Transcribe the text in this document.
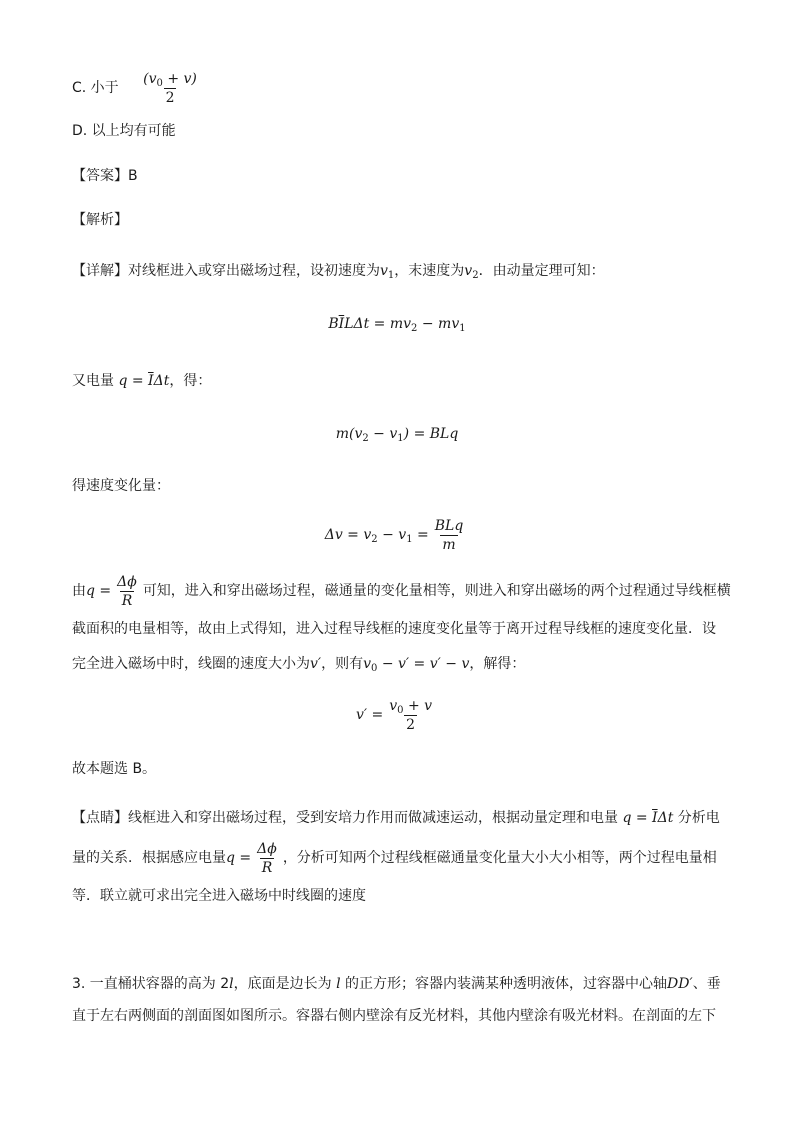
C. 小于 $\frac{(v_0 + v)}{2}$
D. 以上均有可能
【答案】B
【解析】
【详解】对线框进入或穿出磁场过程，设初速度为$v_1$，末速度为$v_2$．由动量定理可知：
$B\overline{I}L\Delta t = mv_2 - mv_1$
又电量 $q = \overline{I}\Delta t$，得：
$m(v_2 - v_1)$ = BLq
得速度变化量：
$\Delta v = v_2 - v_1 = \frac{\text{BLq}}{m}$
由$q = \frac{\Delta\phi}{R}$ 可知，进入和穿出磁场过程，磁通量的变化量相等，则进入和穿出磁场的两个过程通过导线框横
截面积的电量相等，故由上式得知，进入过程导线框的速度变化量等于离开过程导线框的速度变化量．设
完全进入磁场中时，线圈的速度大小为v′，则有$v_0 - v' = v' - v$，解得：
$v' = \frac{v_0 + v}{2}$
故本题选 B。
【点睛】线框进入和穿出磁场过程，受到安培力作用而做减速运动，根据动量定理和电量 $q = \overline{I}\Delta t$ 分析电
量的关系．根据感应电量$q = \frac{\Delta\phi}{R}$ ，分析可知两个过程线框磁通量变化量大小大小相等，两个过程电量相
等．联立就可求出完全进入磁场中时线圈的速度
3. 一直桶状容器的高为 2l，底面是边长为 l 的正方形；容器内装满某种透明液体，过容器中心轴DD′、垂
直于左右两侧面的剖面图如图所示。容器右侧内壁涂有反光材料，其他内壁涂有吸光材料。在剖面的左下
